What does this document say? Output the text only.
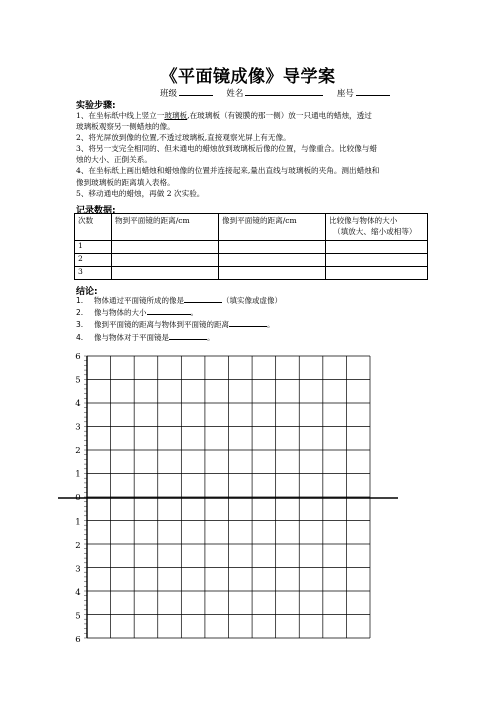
《平面镜成像》导学案
班级	姓名	座号
实验步骤:

1、在坐标纸中线上竖立一玻璃板,在玻璃板（有镀膜的那一侧）放一只通电的蜡烛，透过

玻璃板观察另一侧蜡烛的像。

2、将光屏放到像的位置,不透过玻璃板,直接观察光屏上有无像。

3、将另一支完全相同的、但未通电的蜡烛放到玻璃板后像的位置，与像重合。比较像与蜡

烛的大小、正倒关系。

4、在坐标纸上画出蜡烛和蜡烛像的位置并连接起来,量出直线与玻璃板的夹角。测出蜡烛和

像到玻璃板的距离填入表格。

5、移动通电的蜡烛，再做 2 次实验。

记录数据:
次数	物到平面镜的距离/cm	像到平面镜的距离/cm	比较像与物体的大小
（填放大、缩小或相等）

1			
2			
3			
结论:
1. 物体通过平面镜所成的像是	（填实像或虚像）
2. 像与物体的大小	。
3. 像到平面镜的距离与物体到平面镜的距离	。
4. 像与物体对于平面镜是	。
6
5
4
3
2
1
0
1
2
3
4
5
6
